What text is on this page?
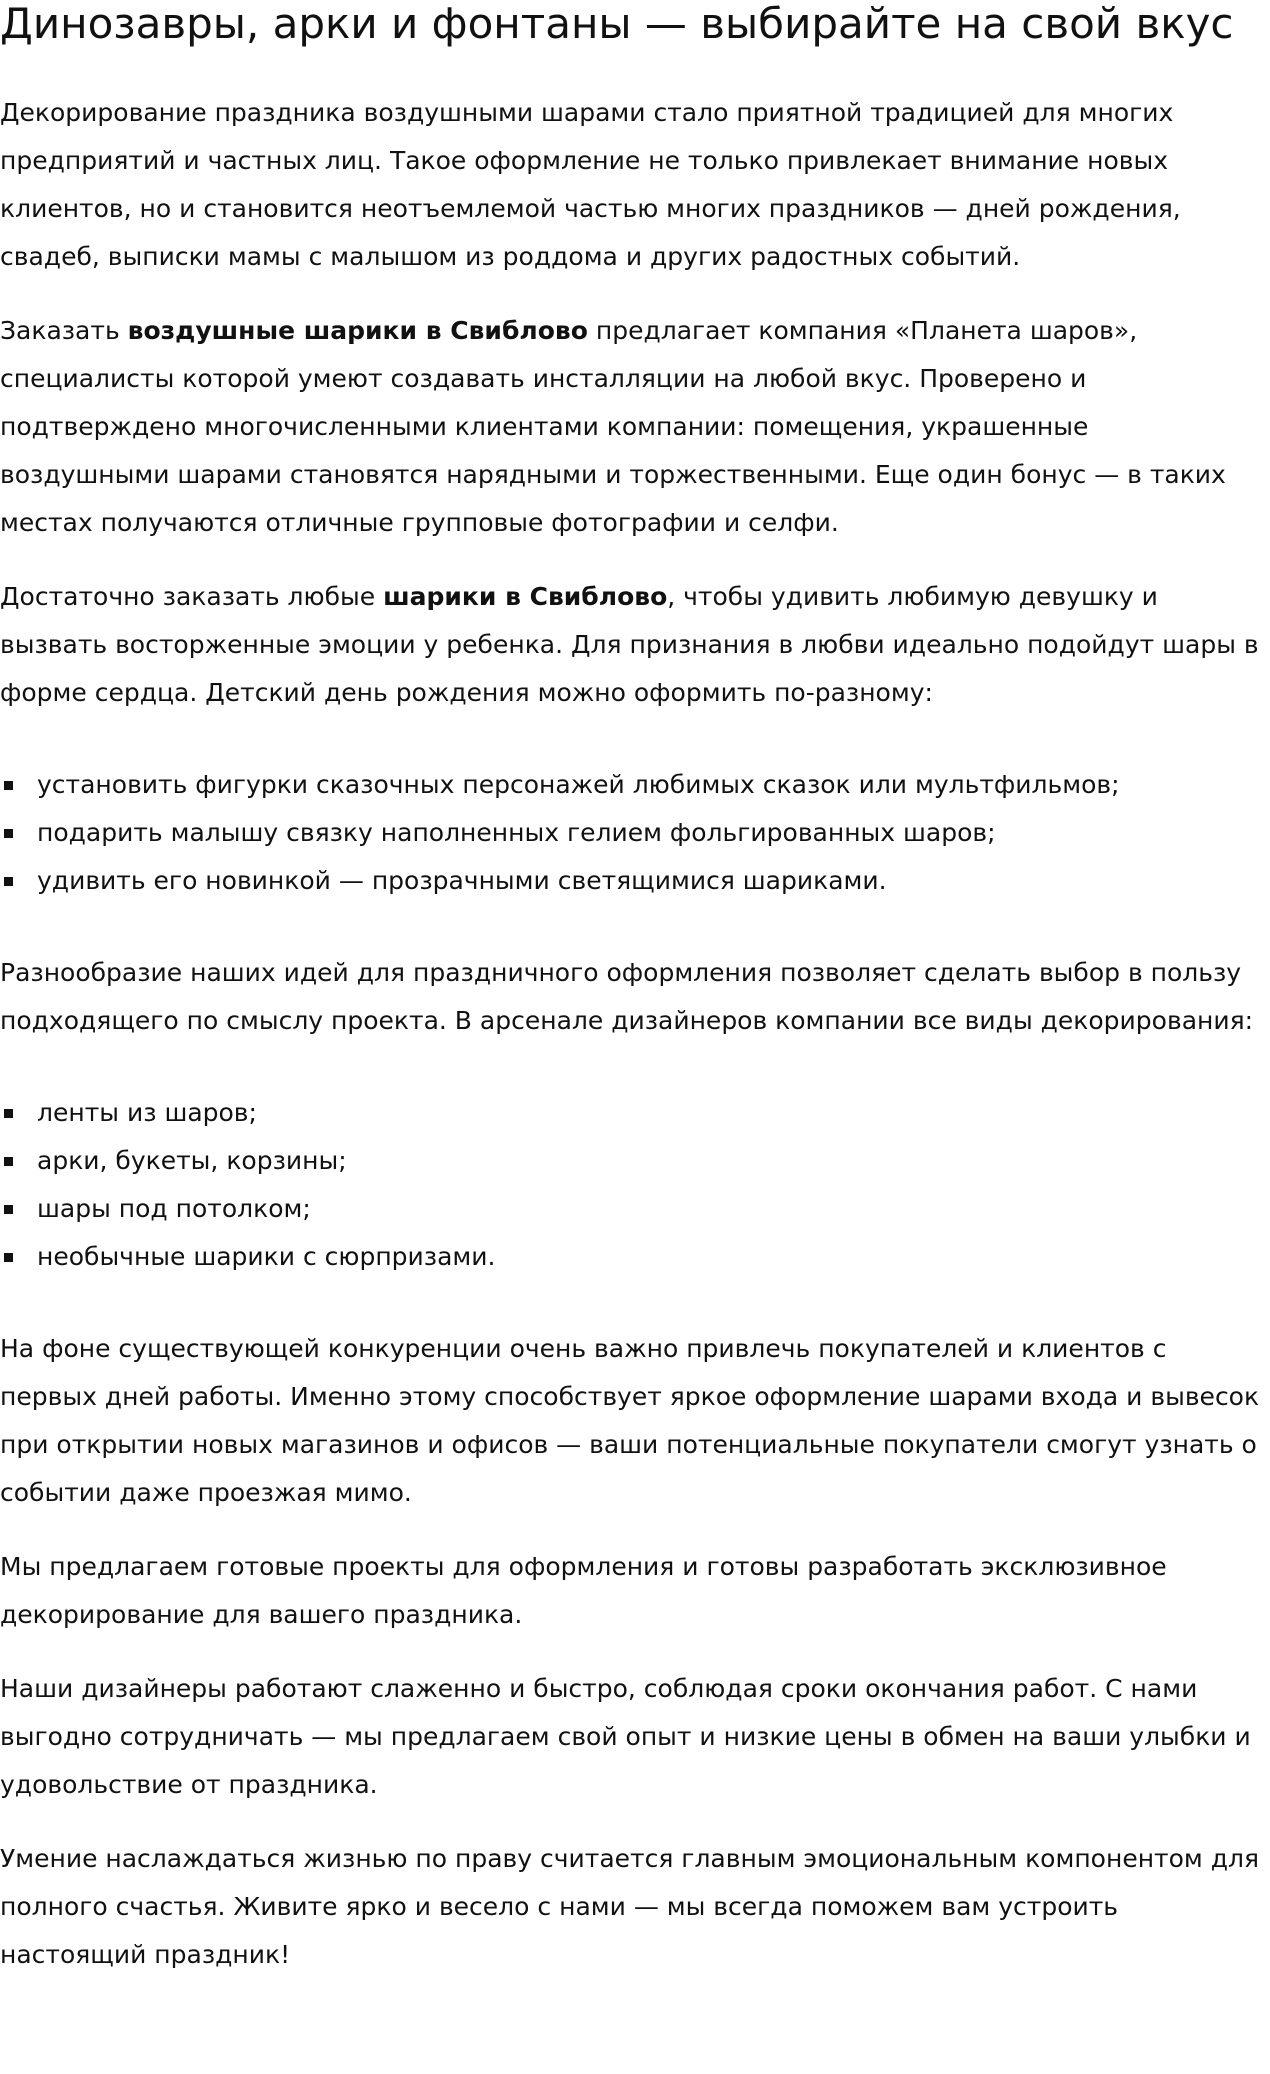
Динозавры, арки и фонтаны — выбирайте на свой вкус

Декорирование праздника воздушными шарами стало приятной традицией для многих предприятий и частных лиц. Такое оформление не только привлекает внимание новых клиентов, но и становится неотъемлемой частью многих праздников — дней рождения, свадеб, выписки мамы с малышом из роддома и других радостных событий.

Заказать воздушные шарики в Свиблово предлагает компания «Планета шаров», специалисты которой умеют создавать инсталляции на любой вкус. Проверено и подтверждено многочисленными клиентами компании: помещения, украшенные воздушными шарами становятся нарядными и торжественными. Еще один бонус — в таких местах получаются отличные групповые фотографии и селфи.

Достаточно заказать любые шарики в Свиблово, чтобы удивить любимую девушку и вызвать восторженные эмоции у ребенка. Для признания в любви идеально подойдут шары в форме сердца. Детский день рождения можно оформить по-разному:

установить фигурки сказочных персонажей любимых сказок или мультфильмов;
подарить малышу связку наполненных гелием фольгированных шаров;
удивить его новинкой — прозрачными светящимися шариками.

Разнообразие наших идей для праздничного оформления позволяет сделать выбор в пользу подходящего по смыслу проекта. В арсенале дизайнеров компании все виды декорирования:

ленты из шаров;
арки, букеты, корзины;
шары под потолком;
необычные шарики с сюрпризами.

На фоне существующей конкуренции очень важно привлечь покупателей и клиентов с первых дней работы. Именно этому способствует яркое оформление шарами входа и вывесок при открытии новых магазинов и офисов — ваши потенциальные покупатели смогут узнать о событии даже проезжая мимо.

Мы предлагаем готовые проекты для оформления и готовы разработать эксклюзивное декорирование для вашего праздника.

Наши дизайнеры работают слаженно и быстро, соблюдая сроки окончания работ. С нами выгодно сотрудничать — мы предлагаем свой опыт и низкие цены в обмен на ваши улыбки и удовольствие от праздника.

Умение наслаждаться жизнью по праву считается главным эмоциональным компонентом для полного счастья. Живите ярко и весело с нами — мы всегда поможем вам устроить настоящий праздник!
